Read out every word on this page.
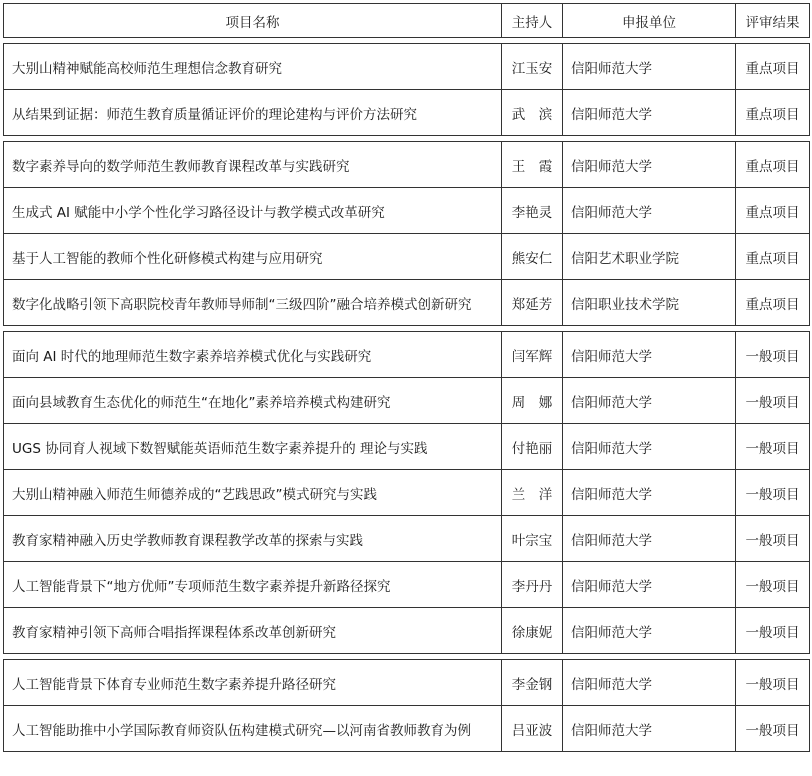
项目名称	主持人	申报单位	评审结果

大别山精神赋能高校师范生理想信念教育研究	江玉安	信阳师范大学	重点项目
从结果到证据：师范生教育质量循证评价的理论建构与评价方法研究	武　滨	信阳师范大学	重点项目

数字素养导向的数学师范生教师教育课程改革与实践研究	王　霞	信阳师范大学	重点项目
生成式 AI 赋能中小学个性化学习路径设计与教学模式改革研究	李艳灵	信阳师范大学	重点项目
基于人工智能的教师个性化研修模式构建与应用研究	熊安仁	信阳艺术职业学院	重点项目
数字化战略引领下高职院校青年教师导师制“三级四阶”融合培养模式创新研究	郑延芳	信阳职业技术学院	重点项目

面向 AI 时代的地理师范生数字素养培养模式优化与实践研究	闫军辉	信阳师范大学	一般项目
面向县域教育生态优化的师范生“在地化”素养培养模式构建研究	周　娜	信阳师范大学	一般项目
UGS 协同育人视域下数智赋能英语师范生数字素养提升的 理论与实践	付艳丽	信阳师范大学	一般项目
大别山精神融入师范生师德养成的“艺践思政”模式研究与实践	兰　洋	信阳师范大学	一般项目
教育家精神融入历史学教师教育课程教学改革的探索与实践	叶宗宝	信阳师范大学	一般项目
人工智能背景下“地方优师”专项师范生数字素养提升新路径探究	李丹丹	信阳师范大学	一般项目
教育家精神引领下高师合唱指挥课程体系改革创新研究	徐康妮	信阳师范大学	一般项目

人工智能背景下体育专业师范生数字素养提升路径研究	李金钢	信阳师范大学	一般项目
人工智能助推中小学国际教育师资队伍构建模式研究—以河南省教师教育为例	吕亚波	信阳师范大学	一般项目
